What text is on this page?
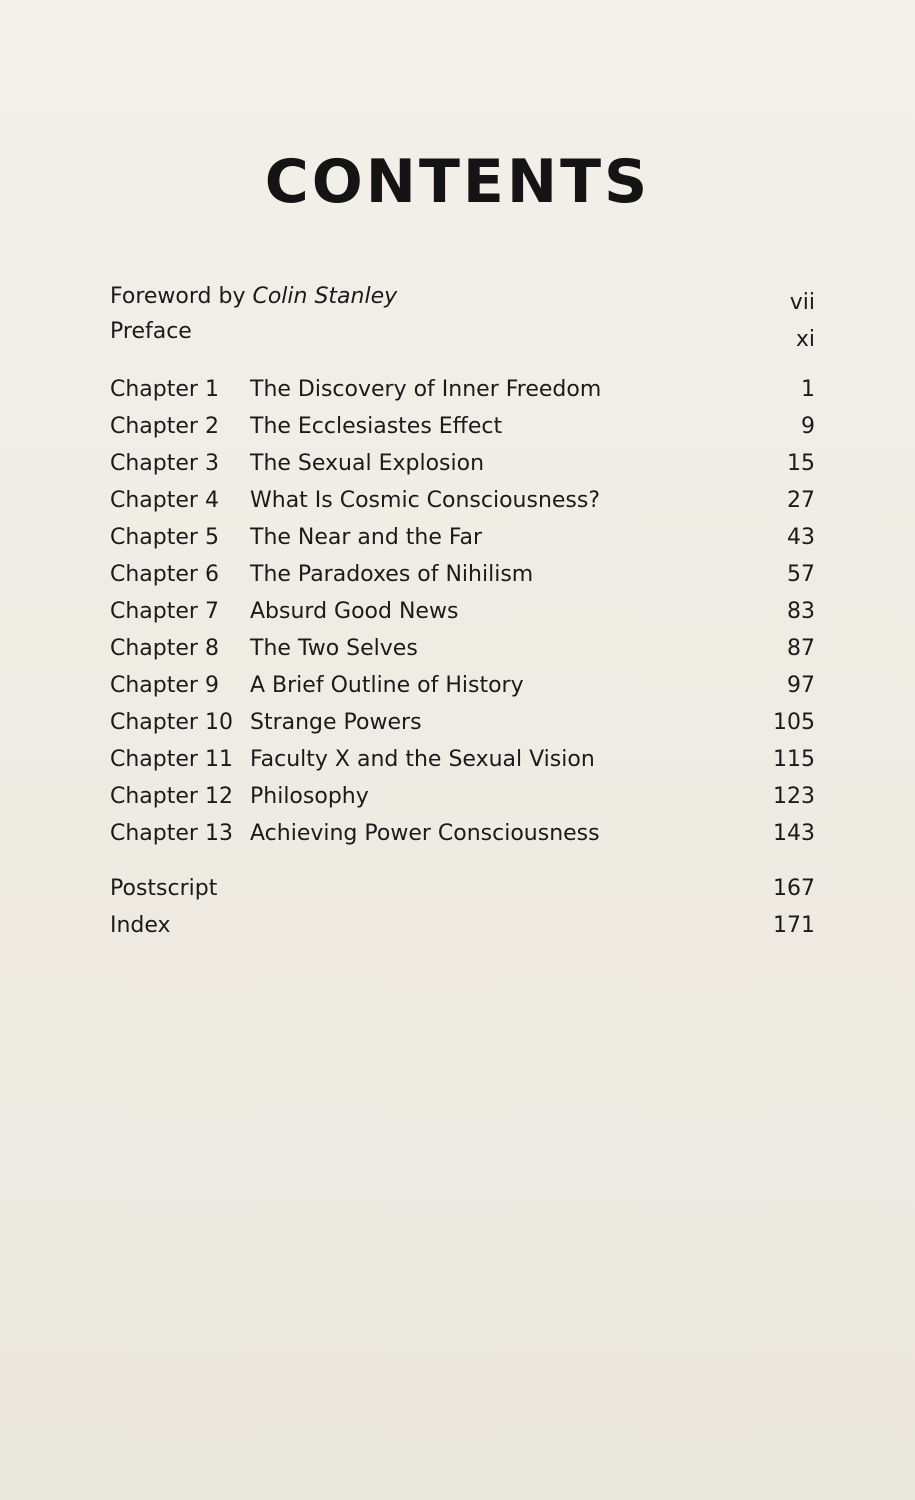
CONTENTS
Foreword by Colin Stanley	vii
Preface	xi
Chapter 1 The Discovery of Inner Freedom	1
Chapter 2 The Ecclesiastes Effect	9
Chapter 3 The Sexual Explosion	15
Chapter 4 What Is Cosmic Consciousness?	27
Chapter 5 The Near and the Far	43
Chapter 6 The Paradoxes of Nihilism	57
Chapter 7 Absurd Good News	83
Chapter 8 The Two Selves	87
Chapter 9 A Brief Outline of History	97
Chapter 10 Strange Powers	105
Chapter 11 Faculty X and the Sexual Vision	115
Chapter 12 Philosophy	123
Chapter 13 Achieving Power Consciousness	143
Postscript	167
Index	171
